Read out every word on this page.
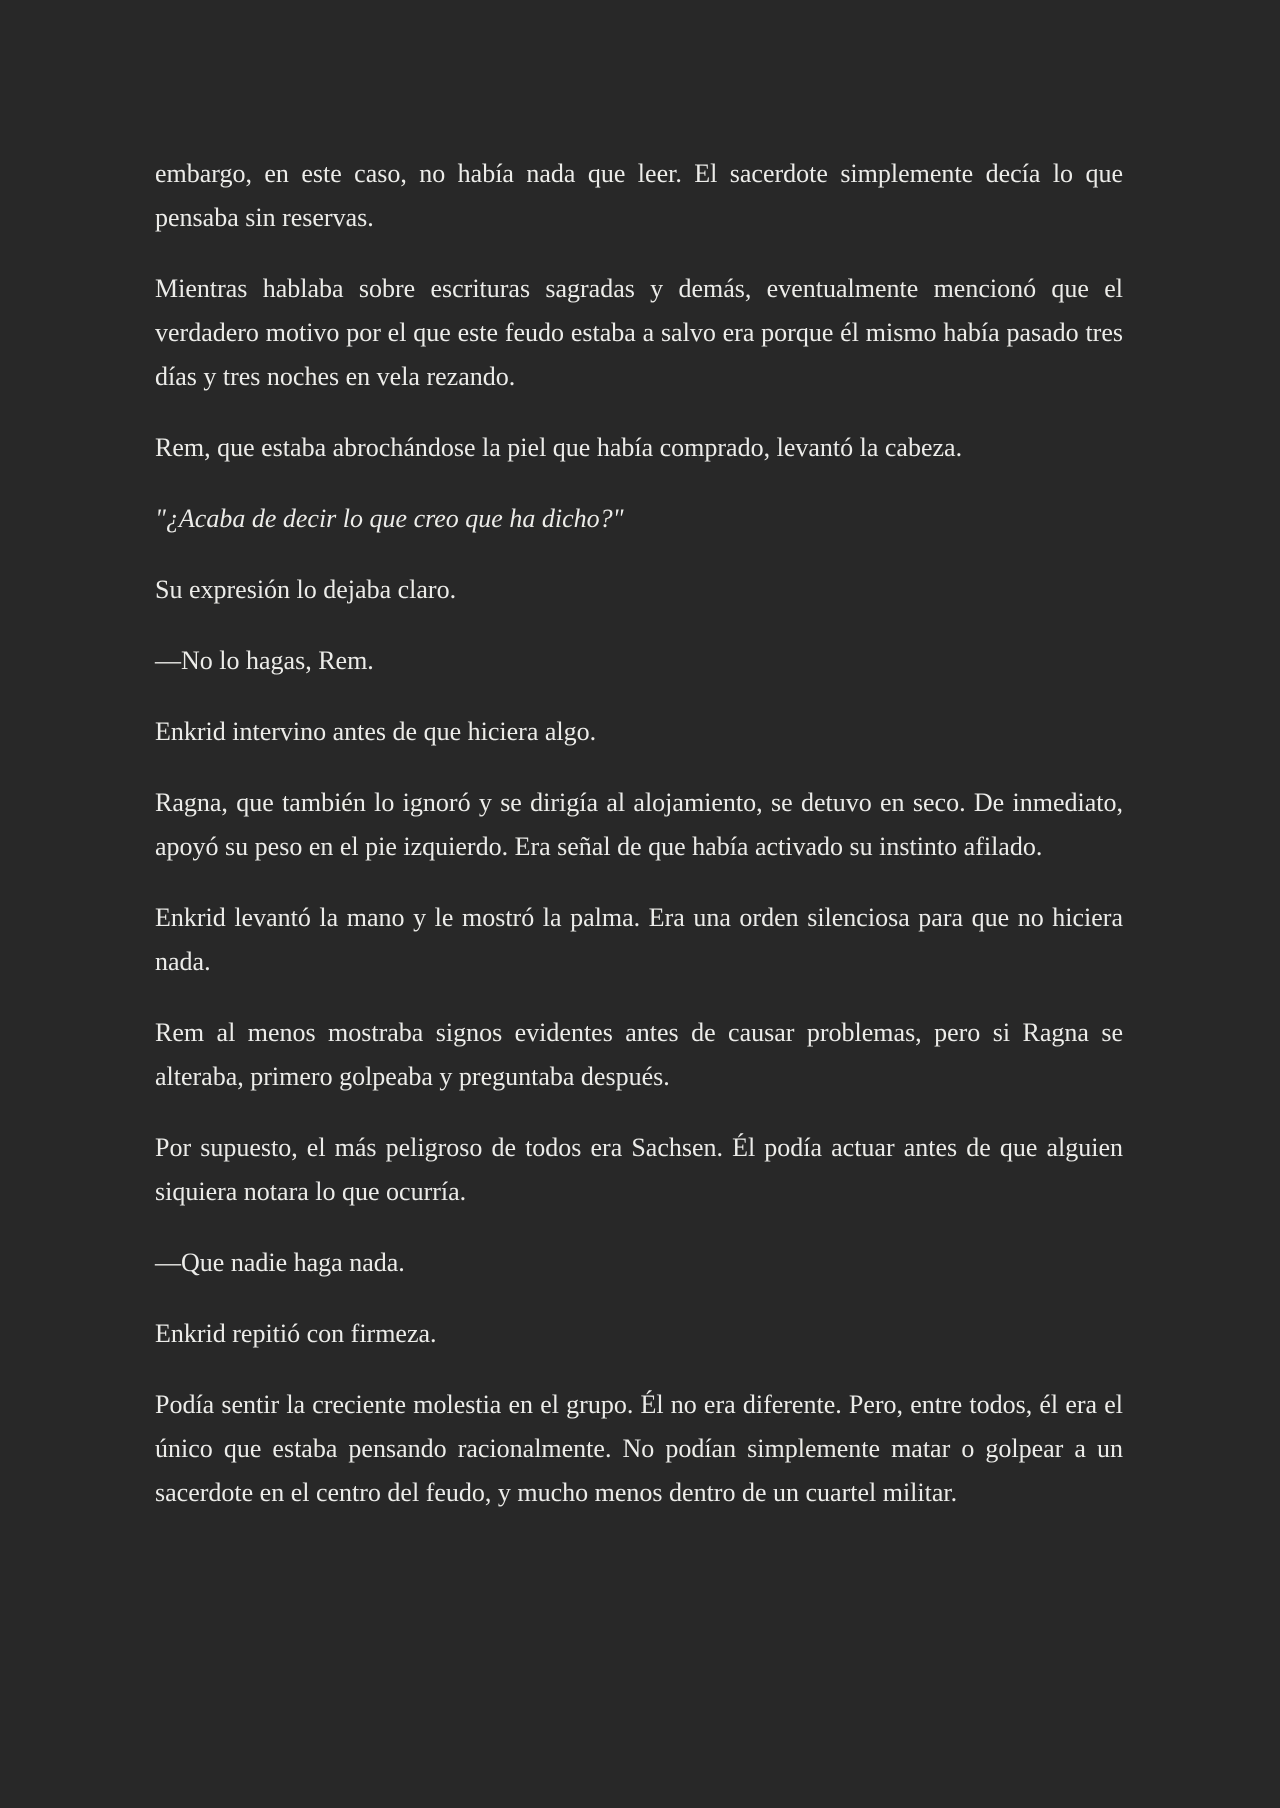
embargo, en este caso, no había nada que leer. El sacerdote simplemente decía lo que pensaba sin reservas.

Mientras hablaba sobre escrituras sagradas y demás, eventualmente mencionó que el verdadero motivo por el que este feudo estaba a salvo era porque él mismo había pasado tres días y tres noches en vela rezando.

Rem, que estaba abrochándose la piel que había comprado, levantó la cabeza.

"¿Acaba de decir lo que creo que ha dicho?"

Su expresión lo dejaba claro.

—No lo hagas, Rem.

Enkrid intervino antes de que hiciera algo.

Ragna, que también lo ignoró y se dirigía al alojamiento, se detuvo en seco. De inmediato, apoyó su peso en el pie izquierdo. Era señal de que había activado su instinto afilado.

Enkrid levantó la mano y le mostró la palma. Era una orden silenciosa para que no hiciera nada.

Rem al menos mostraba signos evidentes antes de causar problemas, pero si Ragna se alteraba, primero golpeaba y preguntaba después.

Por supuesto, el más peligroso de todos era Sachsen. Él podía actuar antes de que alguien siquiera notara lo que ocurría.

—Que nadie haga nada.

Enkrid repitió con firmeza.

Podía sentir la creciente molestia en el grupo. Él no era diferente. Pero, entre todos, él era el único que estaba pensando racionalmente. No podían simplemente matar o golpear a un sacerdote en el centro del feudo, y mucho menos dentro de un cuartel militar.
